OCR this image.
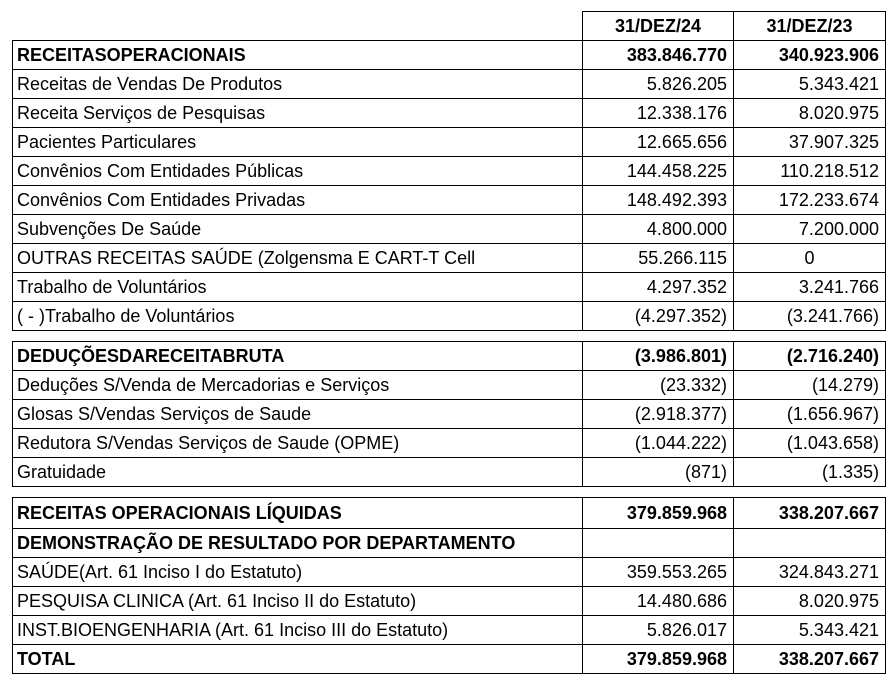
	31/DEZ/24	31/DEZ/23
RECEITASOPERACIONAIS	383.846.770	340.923.906
Receitas de Vendas De Produtos	5.826.205	5.343.421
Receita Serviços de Pesquisas	12.338.176	8.020.975
Pacientes Particulares	12.665.656	37.907.325
Convênios Com Entidades Públicas	144.458.225	110.218.512
Convênios Com Entidades Privadas	148.492.393	172.233.674
Subvenções De Saúde	4.800.000	7.200.000
OUTRAS RECEITAS SAÚDE (Zolgensma E CART-T Cell	55.266.115	0
Trabalho de Voluntários	4.297.352	3.241.766
( - )Trabalho de Voluntários	(4.297.352)	(3.241.766)

DEDUÇÕESDARECEITABRUTA	(3.986.801)	(2.716.240)
Deduções S/Venda de Mercadorias e Serviços	(23.332)	(14.279)
Glosas S/Vendas Serviços de Saude	(2.918.377)	(1.656.967)
Redutora S/Vendas Serviços de Saude (OPME)	(1.044.222)	(1.043.658)
Gratuidade	(871)	(1.335)

RECEITAS OPERACIONAIS LÍQUIDAS	379.859.968	338.207.667
DEMONSTRAÇÃO DE RESULTADO POR DEPARTAMENTO		
SAÚDE(Art. 61 Inciso I do Estatuto)	359.553.265	324.843.271
PESQUISA CLINICA (Art. 61 Inciso II do Estatuto)	14.480.686	8.020.975
INST.BIOENGENHARIA (Art. 61 Inciso III do Estatuto)	5.826.017	5.343.421
TOTAL	379.859.968	338.207.667
